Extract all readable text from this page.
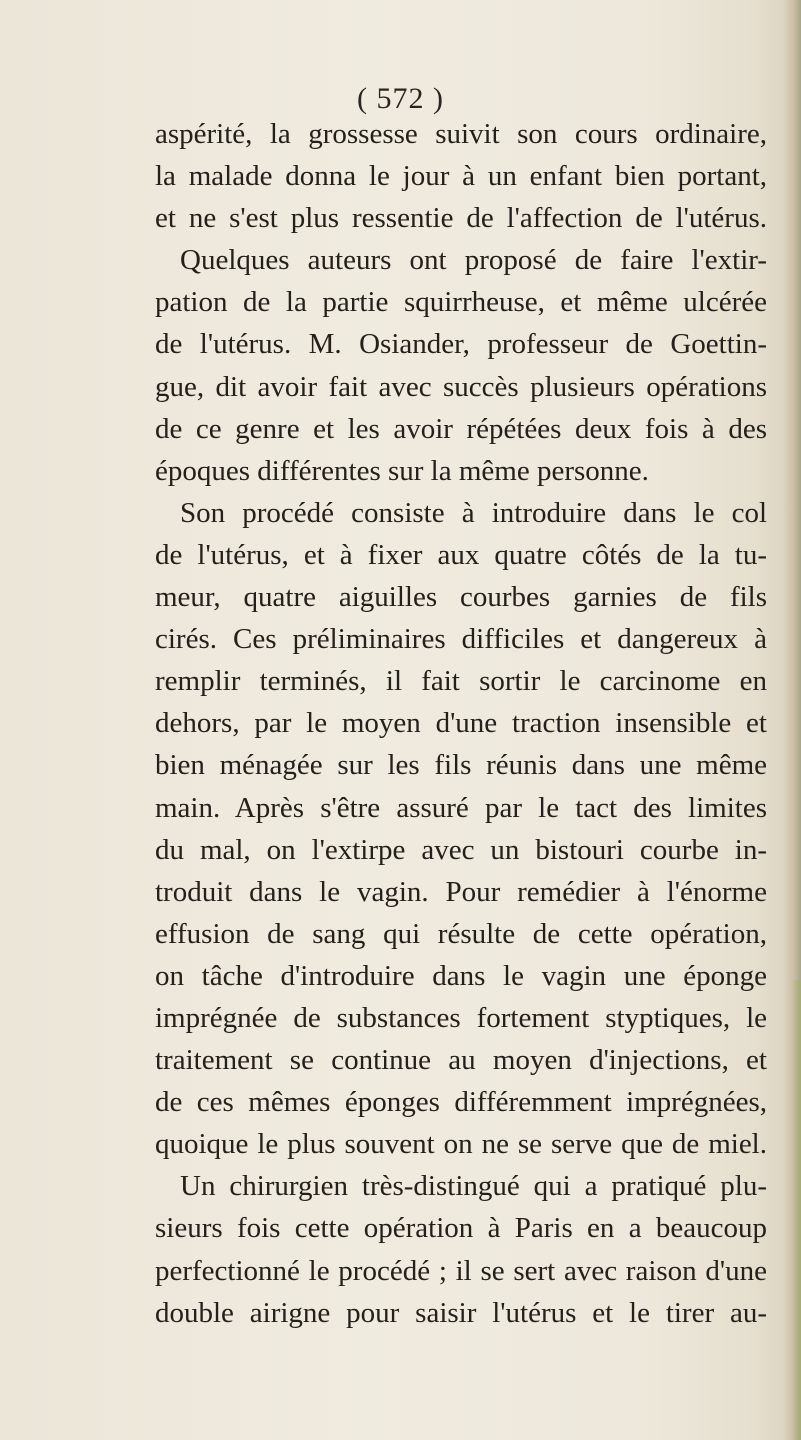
( 572 )
aspérité, la grossesse suivit son cours ordinaire,
la malade donna le jour à un enfant bien portant,
et ne s'est plus ressentie de l'affection de l'utérus.
Quelques auteurs ont proposé de faire l'extir-
pation de la partie squirrheuse, et même ulcérée
de l'utérus. M. Osiander, professeur de Goettin-
gue, dit avoir fait avec succès plusieurs opérations
de ce genre et les avoir répétées deux fois à des
époques différentes sur la même personne.
Son procédé consiste à introduire dans le col
de l'utérus, et à fixer aux quatre côtés de la tu-
meur, quatre aiguilles courbes garnies de fils
cirés. Ces préliminaires difficiles et dangereux à
remplir terminés, il fait sortir le carcinome en
dehors, par le moyen d'une traction insensible et
bien ménagée sur les fils réunis dans une même
main. Après s'être assuré par le tact des limites
du mal, on l'extirpe avec un bistouri courbe in-
troduit dans le vagin. Pour remédier à l'énorme
effusion de sang qui résulte de cette opération,
on tâche d'introduire dans le vagin une éponge
imprégnée de substances fortement styptiques, le
traitement se continue au moyen d'injections, et
de ces mêmes éponges différemment imprégnées,
quoique le plus souvent on ne se serve que de miel.
Un chirurgien très-distingué qui a pratiqué plu-
sieurs fois cette opération à Paris en a beaucoup
perfectionné le procédé ; il se sert avec raison d'une
double airigne pour saisir l'utérus et le tirer au-
